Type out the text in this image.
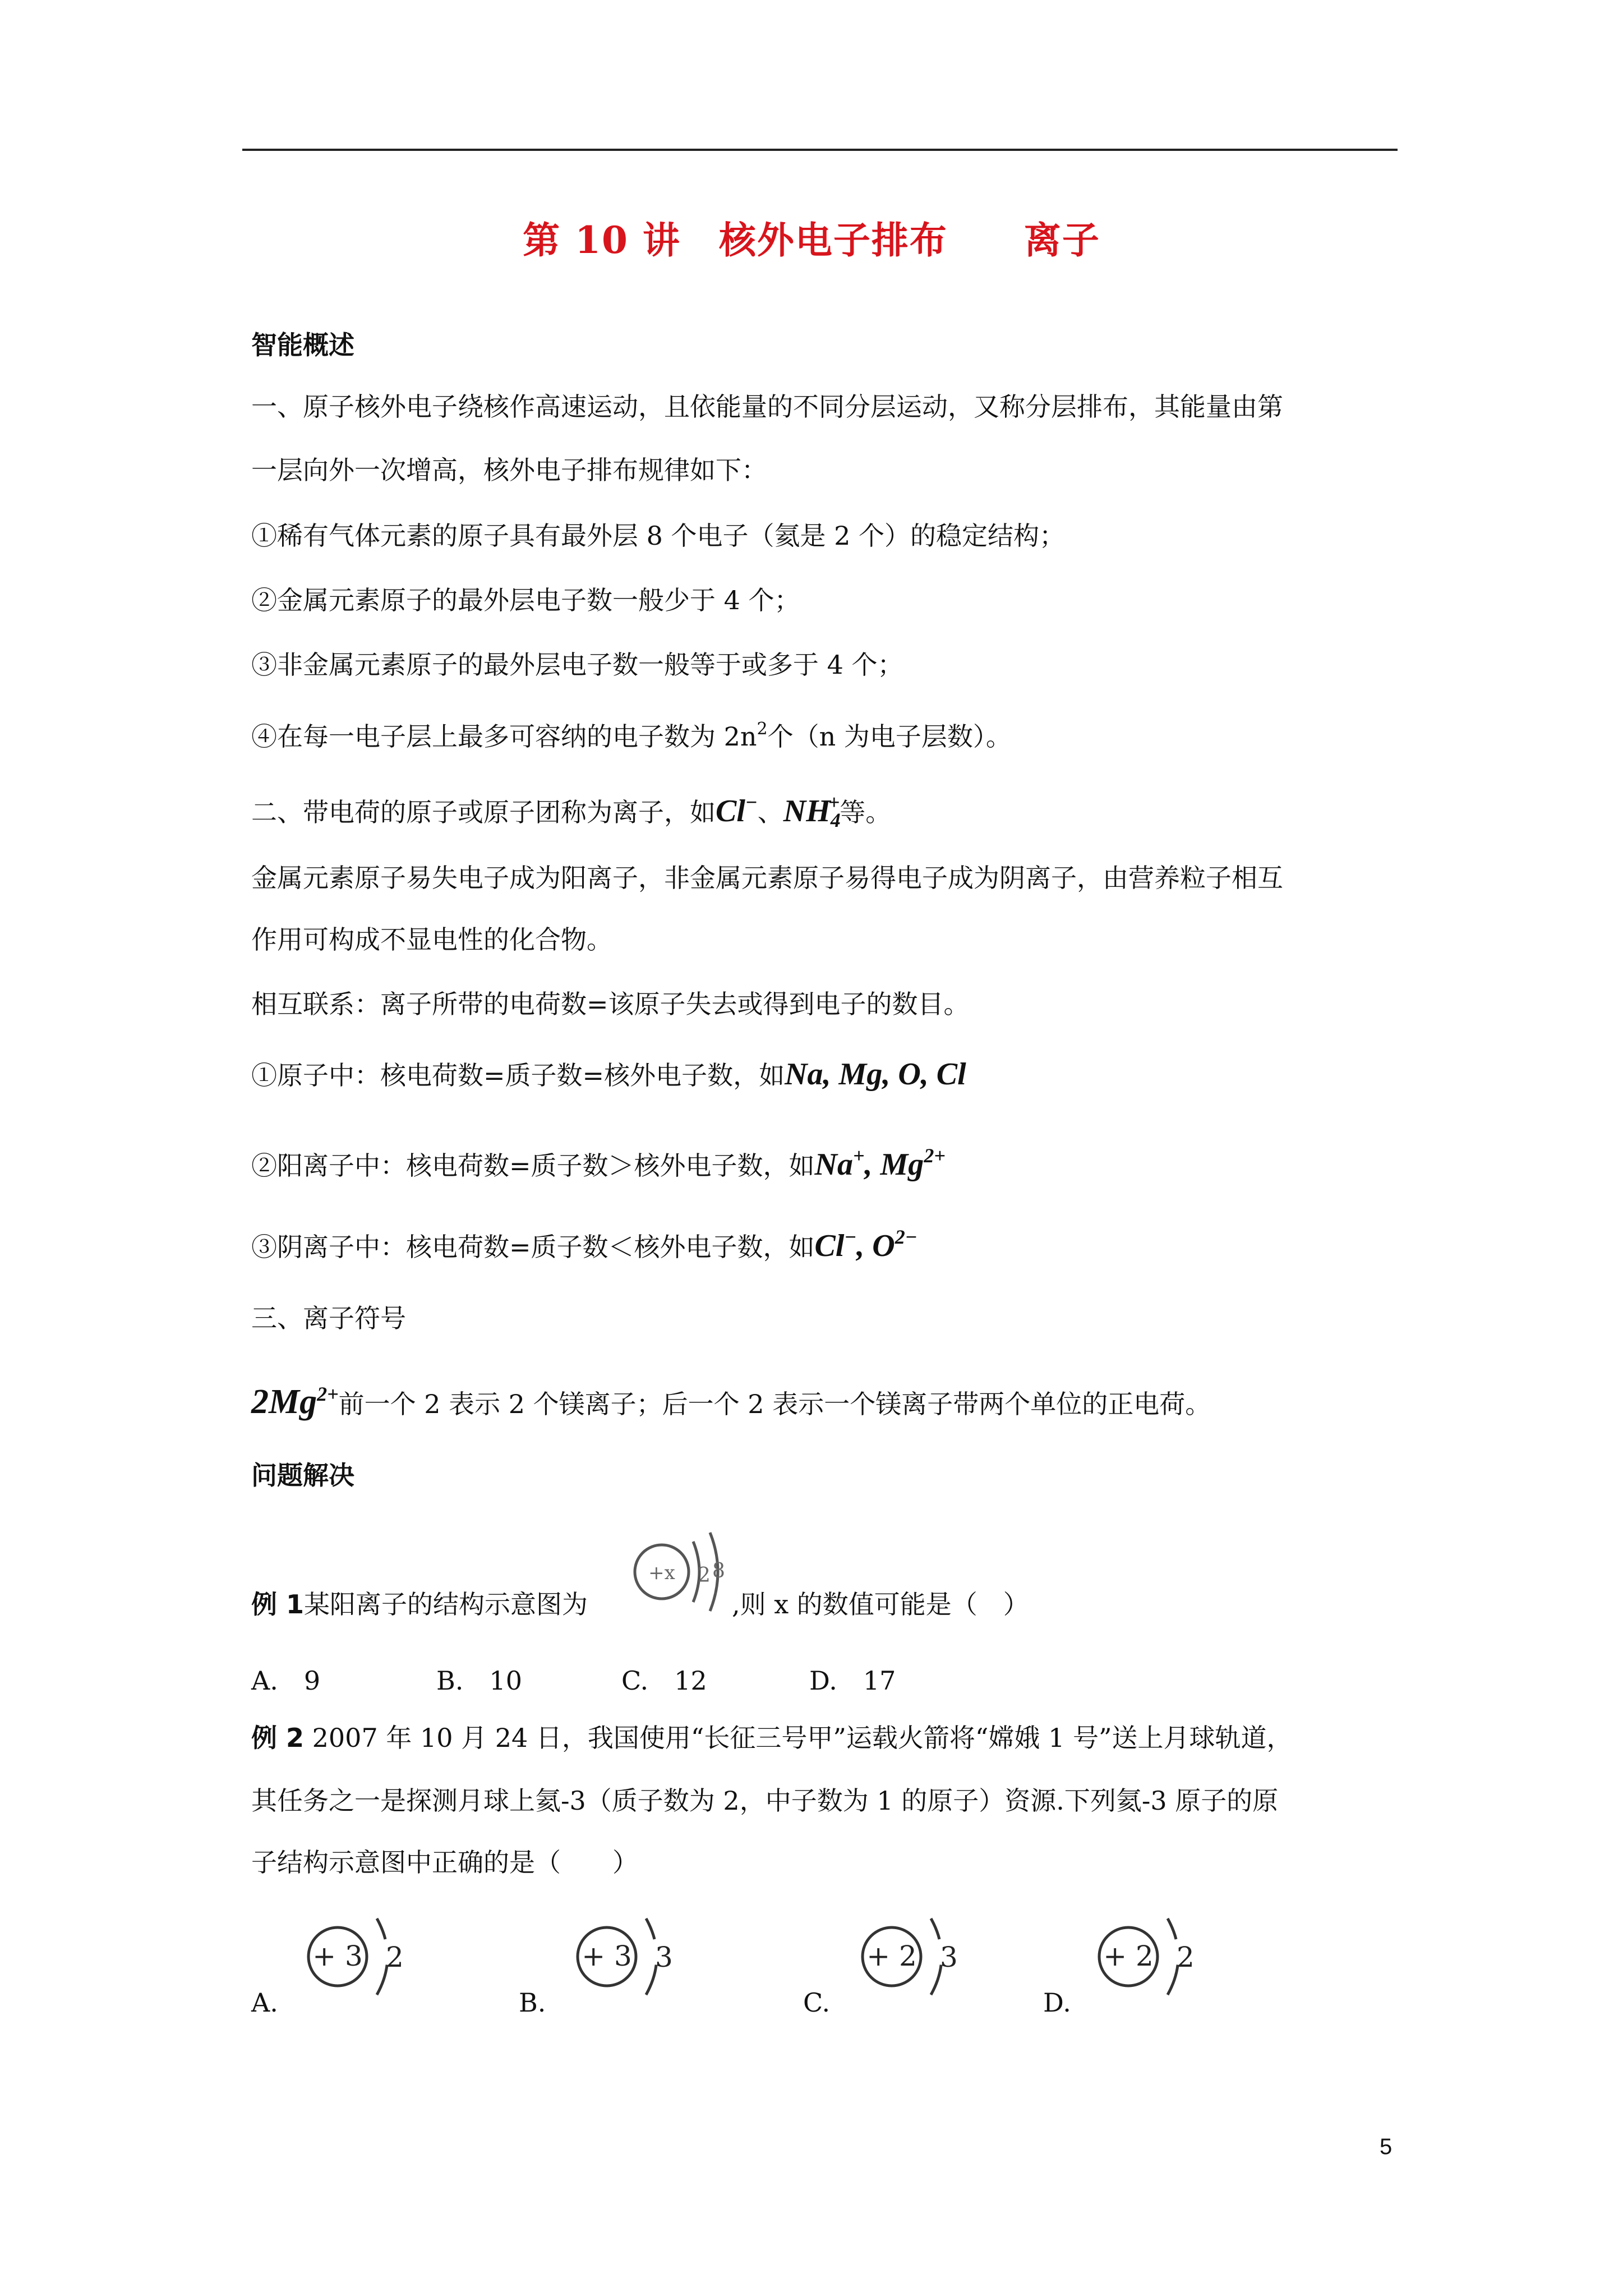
第 10 讲　核外电子排布　　离子
智能概述
一、原子核外电子绕核作高速运动，且依能量的不同分层运动，又称分层排布，其能量由第
一层向外一次增高，核外电子排布规律如下：
①稀有气体元素的原子具有最外层 8 个电子（氦是 2 个）的稳定结构；
②金属元素原子的最外层电子数一般少于 4 个；
③非金属元素原子的最外层电子数一般等于或多于 4 个；
④在每一电子层上最多可容纳的电子数为 $2n^2$个（n 为电子层数）。
二、带电荷的原子或原子团称为离子，如Cl−、$NH_4^+$等。
金属元素原子易失电子成为阳离子，非金属元素原子易得电子成为阴离子，由营养粒子相互
作用可构成不显电性的化合物。
相互联系：离子所带的电荷数=该原子失去或得到电子的数目。
①原子中：核电荷数=质子数=核外电子数，如Na, Mg, O, Cl
②阳离子中：核电荷数=质子数＞核外电子数，如Na+, $Mg^{2+}$
③阴离子中：核电荷数=质子数＜核外电子数，如Cl−, $O^{2-}$
三、离子符号
$2Mg^{2+}$前一个 2 表示 2 个镁离子；后一个 2 表示一个镁离子带两个单位的正电荷。
问题解决
例 1某阳离子的结构示意图为
+x 2 8
,则 x 的数值可能是（　）
A.　9	B.　10	C.　12	D.　17
例 2 2007 年 10 月 24 日，我国使用“长征三号甲”运载火箭将“嫦娥 1 号”送上月球轨道，
其任务之一是探测月球上氦-3（质子数为 2，中子数为 1 的原子）资源.下列氦-3 原子的原
子结构示意图中正确的是（　　）
A.
+ 3 2
B.
+ 3 3
C.
+ 2 3
D.
+ 2 2
5
